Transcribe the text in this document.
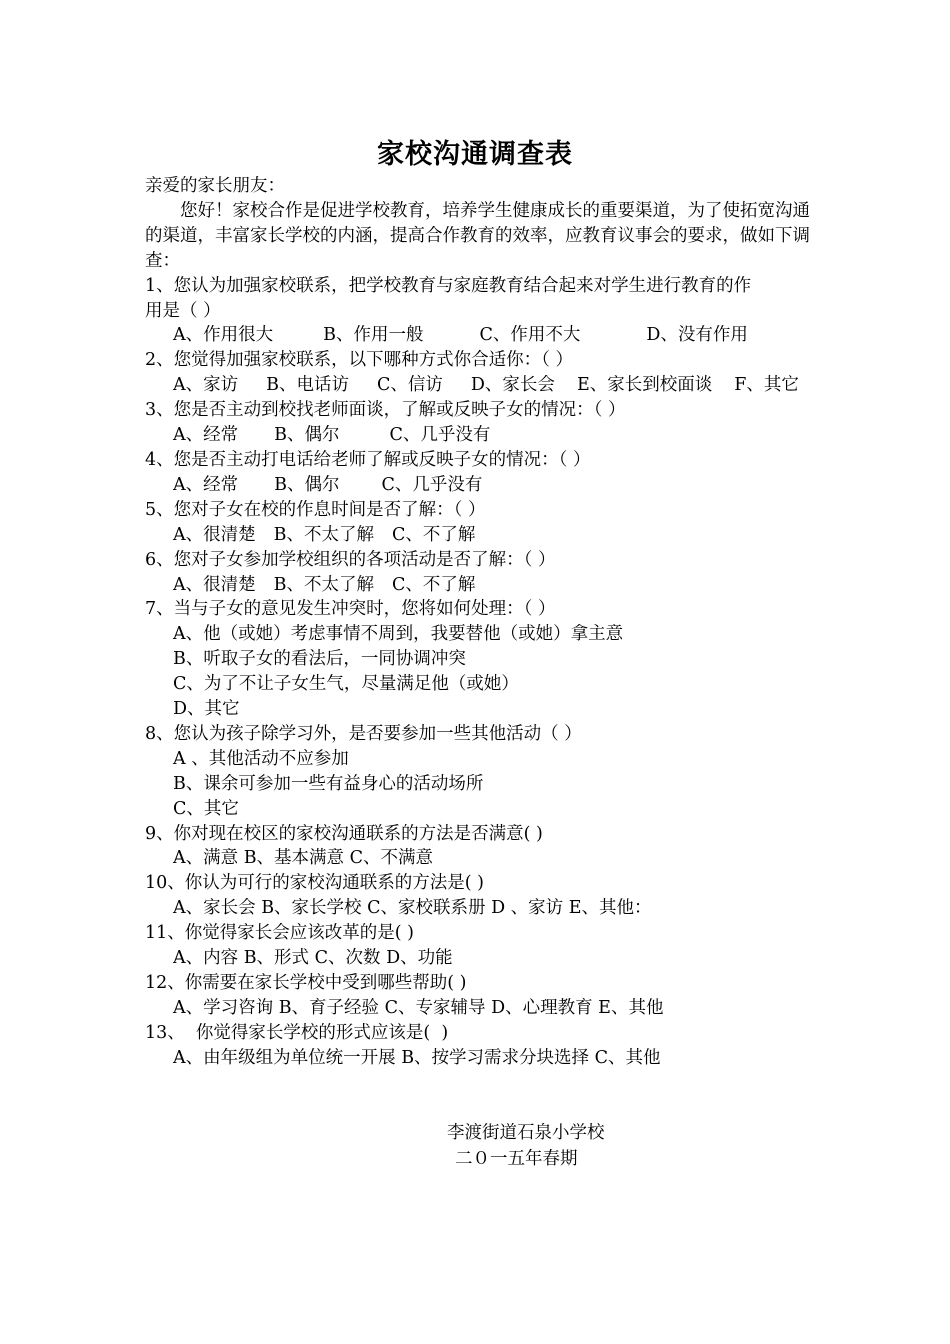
家校沟通调查表
亲爱的家长朋友：
您好！家校合作是促进学校教育，培养学生健康成长的重要渠道，为了使拓宽沟通的渠道，丰富家长学校的内涵，提高合作教育的效率，应教育议事会的要求，做如下调查：
1、您认为加强家校联系，把学校教育与家庭教育结合起来对学生进行教育的作
用是（ ）
A、作用很大	B、作用一般	C、作用不大	D、没有作用
2、您觉得加强家校联系，以下哪种方式你合适你：（ ）
A、家访 B、电话访 C、信访 D、家长会 E、家长到校面谈 F、其它
3、您是否主动到校找老师面谈，了解或反映子女的情况：（ ）
A、经常 B、偶尔	C、几乎没有
4、您是否主动打电话给老师了解或反映子女的情况：（ ）
A、经常 B、偶尔 C、几乎没有
5、您对子女在校的作息时间是否了解：（ ）
A、很清楚 B、不太了解 C、不了解
6、您对子女参加学校组织的各项活动是否了解：（ ）
A、很清楚 B、不太了解 C、不了解
7、当与子女的意见发生冲突时，您将如何处理：（ ）
A、他（或她）考虑事情不周到，我要替他（或她）拿主意
B、听取子女的看法后，一同协调冲突
C、为了不让子女生气，尽量满足他（或她）
D、其它
8、您认为孩子除学习外，是否要参加一些其他活动（ ）
A 、其他活动不应参加
B、课余可参加一些有益身心的活动场所
C、其它
9、你对现在校区的家校沟通联系的方法是否满意( )
A、满意 B、基本满意 C、不满意
10、你认为可行的家校沟通联系的方法是( )
A、家长会 B、家长学校 C、家校联系册 D 、家访 E、其他：
11、你觉得家长会应该改革的是( )
A、内容 B、形式 C、次数 D、功能
12、你需要在家长学校中受到哪些帮助( )
A、学习咨询 B、育子经验 C、专家辅导 D、心理教育 E、其他
13、  你觉得家长学校的形式应该是(  )
A、由年级组为单位统一开展 B、按学习需求分块选择 C、其他
李渡街道石泉小学校
二０一五年春期
